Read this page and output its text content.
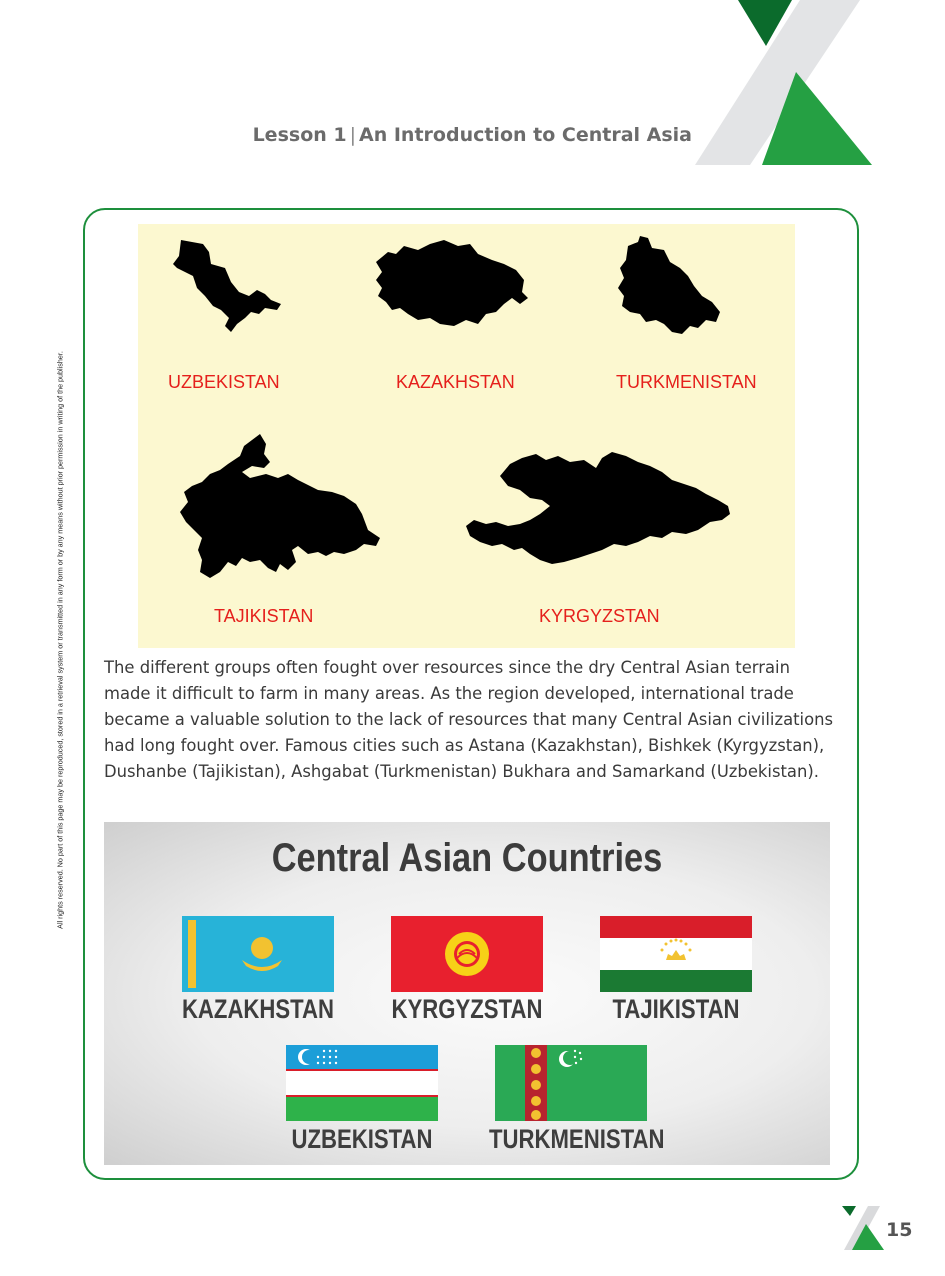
Lesson 1 | An Introduction to Central Asia
All rights reserved. No part of this page may be reproduced, stored in a retrieval system or transmitted in any form or by any means without prior permission in writing of the publisher.	UZBEKISTAN	KAZAKHSTAN	TURKMENISTAN
TAJIKISTAN	KYRGYZSTAN

The different groups often fought over resources since the dry Central Asian terrain made it difficult to farm in many areas. As the region developed, international trade became a valuable solution to the lack of resources that many Central Asian civilizations had long fought over. Famous cities such as Astana (Kazakhstan), Bishkek (Kyrgyzstan), Dushanbe (Tajikistan), Ashgabat (Turkmenistan) Bukhara and Samarkand (Uzbekistan).

Central Asian Countries
KAZAKHSTAN KYRGYZSTAN	TAJIKISTAN
UZBEKISTAN	TURKMENISTAN
15
